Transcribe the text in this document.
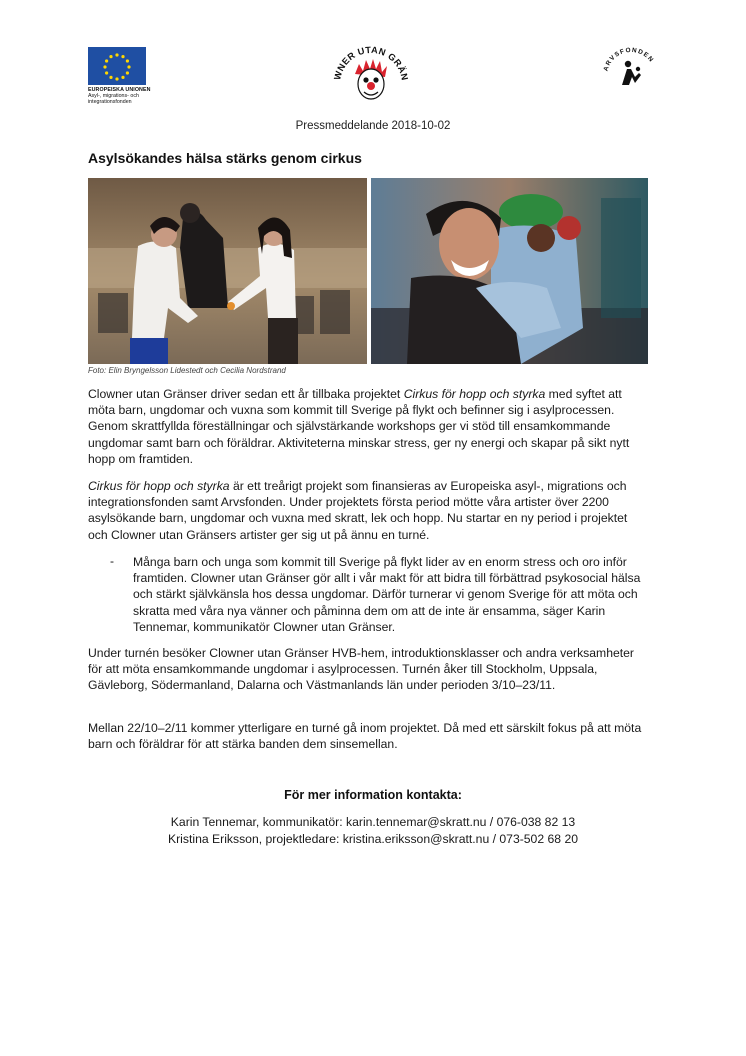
EUROPEISKA UNIONEN
Asyl-, migrations- och
integrationsfonden
WNER UTAN GRÄN
ARVSFONDEN
Pressmeddelande 2018-10-02
Asylsökandes hälsa stärks genom cirkus
Foto: Elin Bryngelsson Lidestedt och Cecilia Nordstrand
Clowner utan Gränser driver sedan ett år tillbaka projektet Cirkus för hopp och styrka med syftet att möta barn, ungdomar och vuxna som kommit till Sverige på flykt och befinner sig i asylprocessen. Genom skrattfyllda föreställningar och självstärkande workshops ger vi stöd till ensamkommande ungdomar samt barn och föräldrar. Aktiviteterna minskar stress, ger ny energi och skapar på sikt nytt hopp om framtiden.
Cirkus för hopp och styrka är ett treårigt projekt som finansieras av Europeiska asyl-, migrations och integrationsfonden samt Arvsfonden. Under projektets första period mötte våra artister över 2200 asylsökande barn, ungdomar och vuxna med skratt, lek och hopp. Nu startar en ny period i projektet och Clowner utan Gränsers artister ger sig ut på ännu en turné.
- Många barn och unga som kommit till Sverige på flykt lider av en enorm stress och oro inför framtiden. Clowner utan Gränser gör allt i vår makt för att bidra till förbättrad psykosocial hälsa och stärkt självkänsla hos dessa ungdomar. Därför turnerar vi genom Sverige för att möta och skratta med våra nya vänner och påminna dem om att de inte är ensamma, säger Karin Tennemar, kommunikatör Clowner utan Gränser.
Under turnén besöker Clowner utan Gränser HVB-hem, introduktionsklasser och andra verksamheter för att möta ensamkommande ungdomar i asylprocessen. Turnén åker till Stockholm, Uppsala, Gävleborg, Södermanland, Dalarna och Västmanlands län under perioden 3/10–23/11.
Mellan 22/10–2/11 kommer ytterligare en turné gå inom projektet. Då med ett särskilt fokus på att möta barn och föräldrar för att stärka banden dem sinsemellan.
För mer information kontakta:
Karin Tennemar, kommunikatör: karin.tennemar@skratt.nu / 076-038 82 13
Kristina Eriksson, projektledare: kristina.eriksson@skratt.nu / 073-502 68 20
